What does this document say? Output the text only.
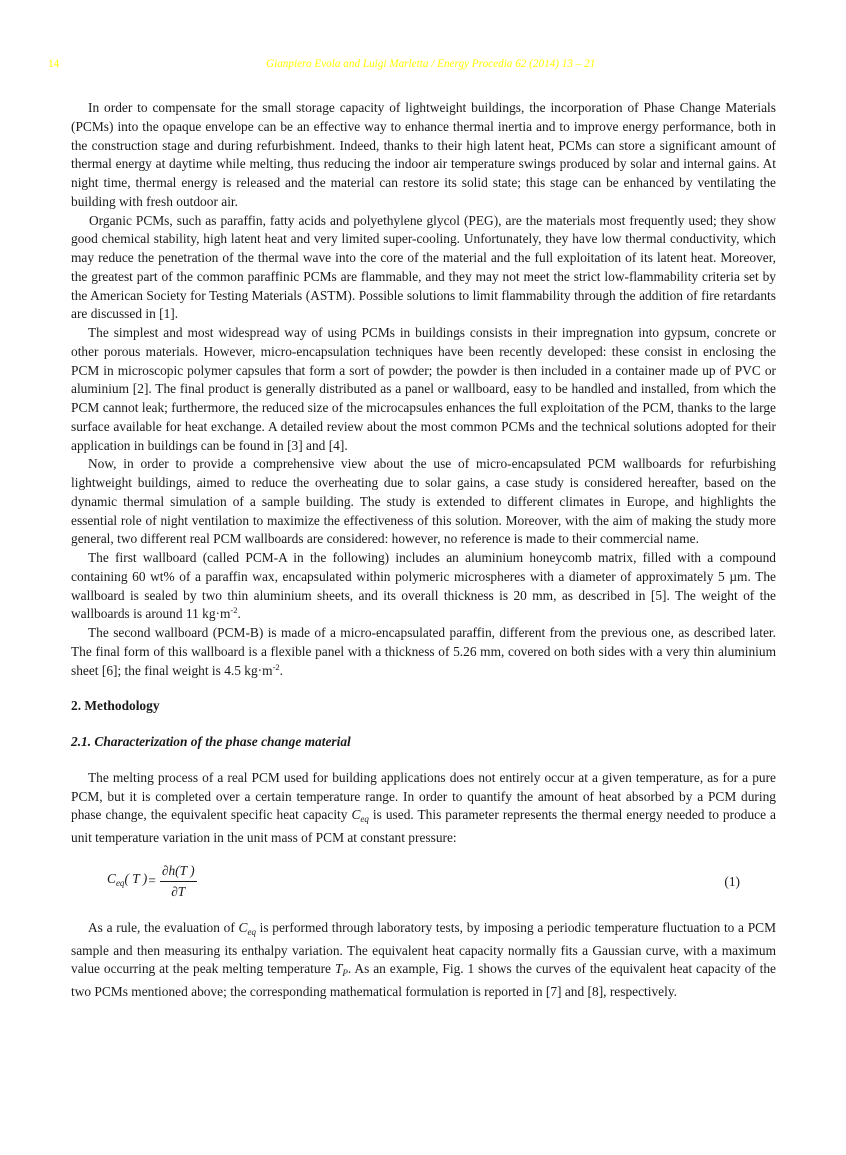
14	Gianpiero Evola and Luigi Marletta / Energy Procedia 62 (2014) 13 – 21

In order to compensate for the small storage capacity of lightweight buildings, the incorporation of Phase Change Materials (PCMs) into the opaque envelope can be an effective way to enhance thermal inertia and to improve energy performance, both in the construction stage and during refurbishment. Indeed, thanks to their high latent heat, PCMs can store a significant amount of thermal energy at daytime while melting, thus reducing the indoor air temperature swings produced by solar and internal gains. At night time, thermal energy is released and the material can restore its solid state; this stage can be enhanced by ventilating the building with fresh outdoor air.

Organic PCMs, such as paraffin, fatty acids and polyethylene glycol (PEG), are the materials most frequently used; they show good chemical stability, high latent heat and very limited super-cooling. Unfortunately, they have low thermal conductivity, which may reduce the penetration of the thermal wave into the core of the material and the full exploitation of its latent heat. Moreover, the greatest part of the common paraffinic PCMs are flammable, and they may not meet the strict low-flammability criteria set by the American Society for Testing Materials (ASTM). Possible solutions to limit flammability through the addition of fire retardants are discussed in [1].

The simplest and most widespread way of using PCMs in buildings consists in their impregnation into gypsum, concrete or other porous materials. However, micro-encapsulation techniques have been recently developed: these consist in enclosing the PCM in microscopic polymer capsules that form a sort of powder; the powder is then included in a container made up of PVC or aluminium [2]. The final product is generally distributed as a panel or wallboard, easy to be handled and installed, from which the PCM cannot leak; furthermore, the reduced size of the microcapsules enhances the full exploitation of the PCM, thanks to the large surface available for heat exchange. A detailed review about the most common PCMs and the technical solutions adopted for their application in buildings can be found in [3] and [4].

Now, in order to provide a comprehensive view about the use of micro-encapsulated PCM wallboards for refurbishing lightweight buildings, aimed to reduce the overheating due to solar gains, a case study is considered hereafter, based on the dynamic thermal simulation of a sample building. The study is extended to different climates in Europe, and highlights the essential role of night ventilation to maximize the effectiveness of this solution. Moreover, with the aim of making the study more general, two different real PCM wallboards are considered: however, no reference is made to their commercial name.

The first wallboard (called PCM-A in the following) includes an aluminium honeycomb matrix, filled with a compound containing 60 wt% of a paraffin wax, encapsulated within polymeric microspheres with a diameter of approximately 5 µm. The wallboard is sealed by two thin aluminium sheets, and its overall thickness is 20 mm, as described in [5]. The weight of the wallboards is around 11 $kg\cdot m^{-2}$.

The second wallboard (PCM-B) is made of a micro-encapsulated paraffin, different from the previous one, as described later. The final form of this wallboard is a flexible panel with a thickness of 5.26 mm, covered on both sides with a very thin aluminium sheet [6]; the final weight is 4.5 $kg\cdot m^{-2}$.

2. Methodology
2.1. Characterization of the phase change material

The melting process of a real PCM used for building applications does not entirely occur at a given temperature, as for a pure PCM, but it is completed over a certain temperature range. In order to quantify the amount of heat absorbed by a PCM during phase change, the equivalent specific heat capacity $C_{eq}$ is used. This parameter represents the thermal energy needed to produce a unit temperature variation in the unit mass of PCM at constant pressure:

$C_{eq}$( T ) = $\frac{\partial h(T )}{\partial T}$	(1)

As a rule, the evaluation of $C_{eq}$ is performed through laboratory tests, by imposing a periodic temperature fluctuation to a PCM sample and then measuring its enthalpy variation. The equivalent heat capacity normally fits a Gaussian curve, with a maximum value occurring at the peak melting temperature $T_P$. As an example, Fig. 1 shows the curves of the equivalent heat capacity of the two PCMs mentioned above; the corresponding mathematical formulation is reported in [7] and [8], respectively.
